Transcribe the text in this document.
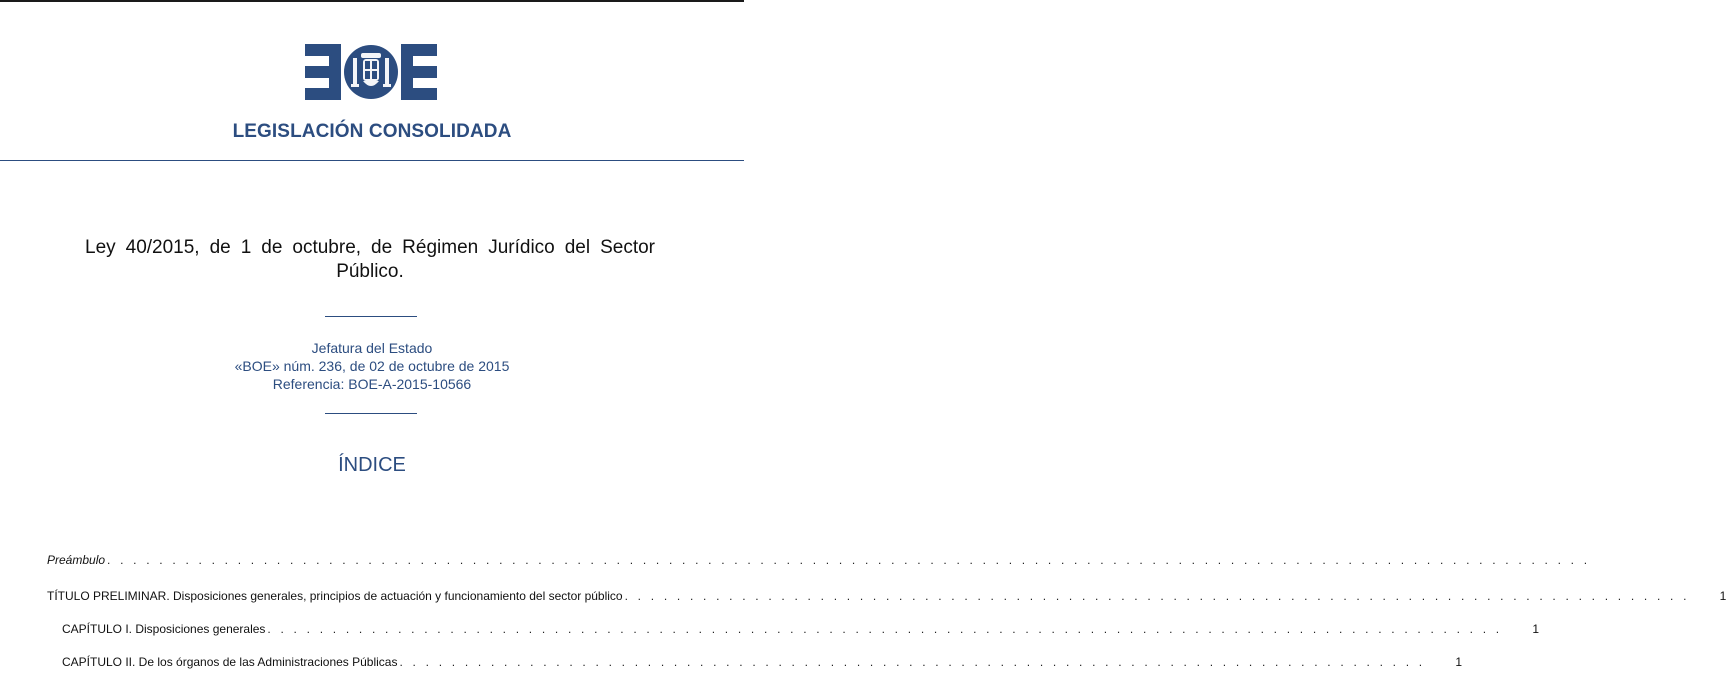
LEGISLACIÓN CONSOLIDADA
Ley 40/2015, de 1 de octubre, de Régimen Jurídico del Sector Público.
Jefatura del Estado
«BOE» núm. 236, de 02 de octubre de 2015
Referencia: BOE-A-2015-10566
ÍNDICE
Preámbulo . . . . . . . . . . . . . . . . . . . . . . . . . . . . . . . . . . . . . . . . . . . . . . . . . . . . . . . . . . . . . . . . . . . . . . . . . . . . . . . . . . . . . . . . . . . . . . . . . . . . . . . . . . . . . . . . . .
TÍTULO PRELIMINAR. Disposiciones generales, principios de actuación y funcionamiento del sector público . . . . . . . . . . . . . . . . . . . . . . . . . . . . . . . . . . . . . . . . . . . . . . . . . . . . . . . . . . . . . . . . . . . . . . . . . . . . . . . . . .	1
CAPÍTULO I. Disposiciones generales . . . . . . . . . . . . . . . . . . . . . . . . . . . . . . . . . . . . . . . . . . . . . . . . . . . . . . . . . . . . . . . . . . . . . . . . . . . . . . . . . . . . . . . . . . . . . . .	1
CAPÍTULO II. De los órganos de las Administraciones Públicas . . . . . . . . . . . . . . . . . . . . . . . . . . . . . . . . . . . . . . . . . . . . . . . . . . . . . . . . . . . . . . . . . . . . . . . . . . . . . . .	1
